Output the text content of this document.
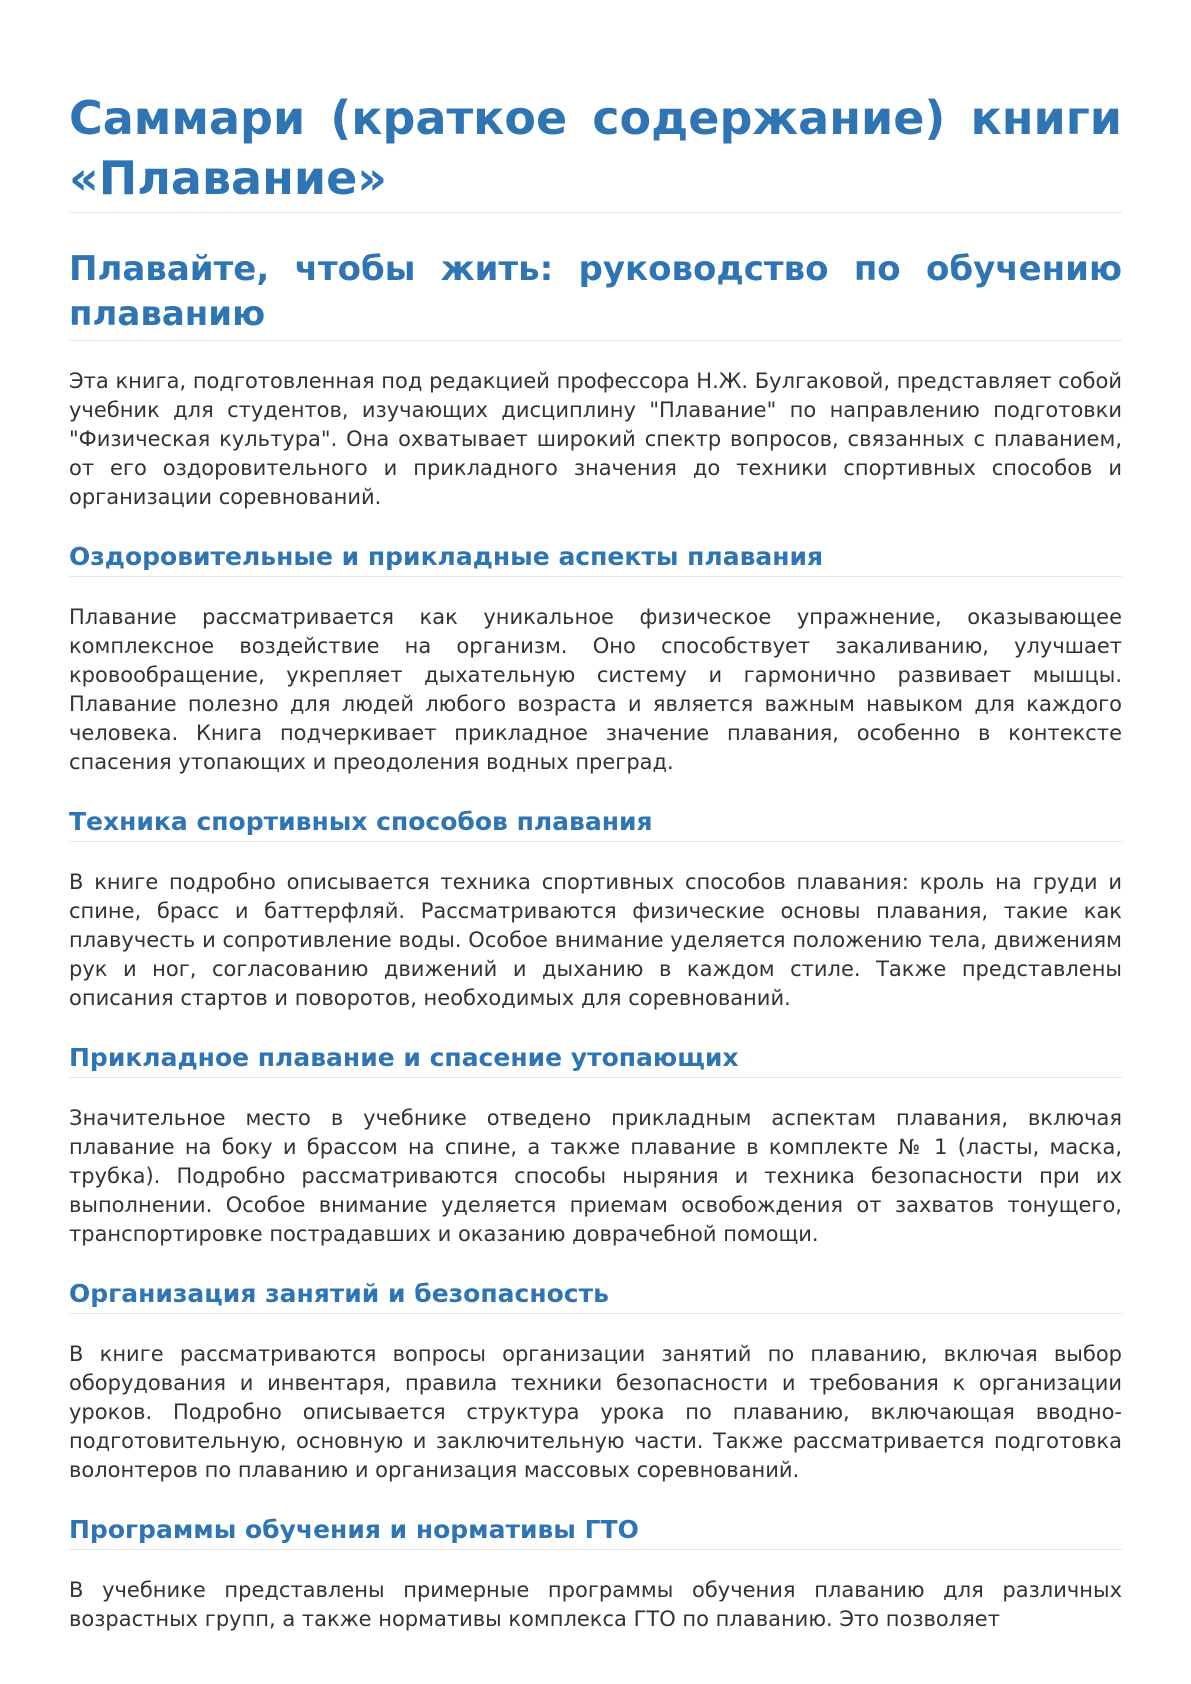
Саммари (краткое содержание) книги «Плавание»
Плавайте, чтобы жить: руководство по обучению плаванию

Эта книга, подготовленная под редакцией профессора Н.Ж. Булгаковой, представляет собой учебник для студентов, изучающих дисциплину "Плавание" по направлению подготовки "Физическая культура". Она охватывает широкий спектр вопросов, связанных с плаванием, от его оздоровительного и прикладного значения до техники спортивных способов и организации соревнований.

Оздоровительные и прикладные аспекты плавания

Плавание рассматривается как уникальное физическое упражнение, оказывающее комплексное воздействие на организм. Оно способствует закаливанию, улучшает кровообращение, укрепляет дыхательную систему и гармонично развивает мышцы. Плавание полезно для людей любого возраста и является важным навыком для каждого человека. Книга подчеркивает прикладное значение плавания, особенно в контексте спасения утопающих и преодоления водных преград.

Техника спортивных способов плавания

В книге подробно описывается техника спортивных способов плавания: кроль на груди и спине, брасс и баттерфляй. Рассматриваются физические основы плавания, такие как плавучесть и сопротивление воды. Особое внимание уделяется положению тела, движениям рук и ног, согласованию движений и дыханию в каждом стиле. Также представлены описания стартов и поворотов, необходимых для соревнований.

Прикладное плавание и спасение утопающих

Значительное место в учебнике отведено прикладным аспектам плавания, включая плавание на боку и брассом на спине, а также плавание в комплекте № 1 (ласты, маска, трубка). Подробно рассматриваются способы ныряния и техника безопасности при их выполнении. Особое внимание уделяется приемам освобождения от захватов тонущего, транспортировке пострадавших и оказанию доврачебной помощи.

Организация занятий и безопасность

В книге рассматриваются вопросы организации занятий по плаванию, включая выбор оборудования и инвентаря, правила техники безопасности и требования к организации уроков. Подробно описывается структура урока по плаванию, включающая вводно-подготовительную, основную и заключительную части. Также рассматривается подготовка волонтеров по плаванию и организация массовых соревнований.

Программы обучения и нормативы ГТО

В учебнике представлены примерные программы обучения плаванию для различных возрастных групп, а также нормативы комплекса ГТО по плаванию. Это позволяет
